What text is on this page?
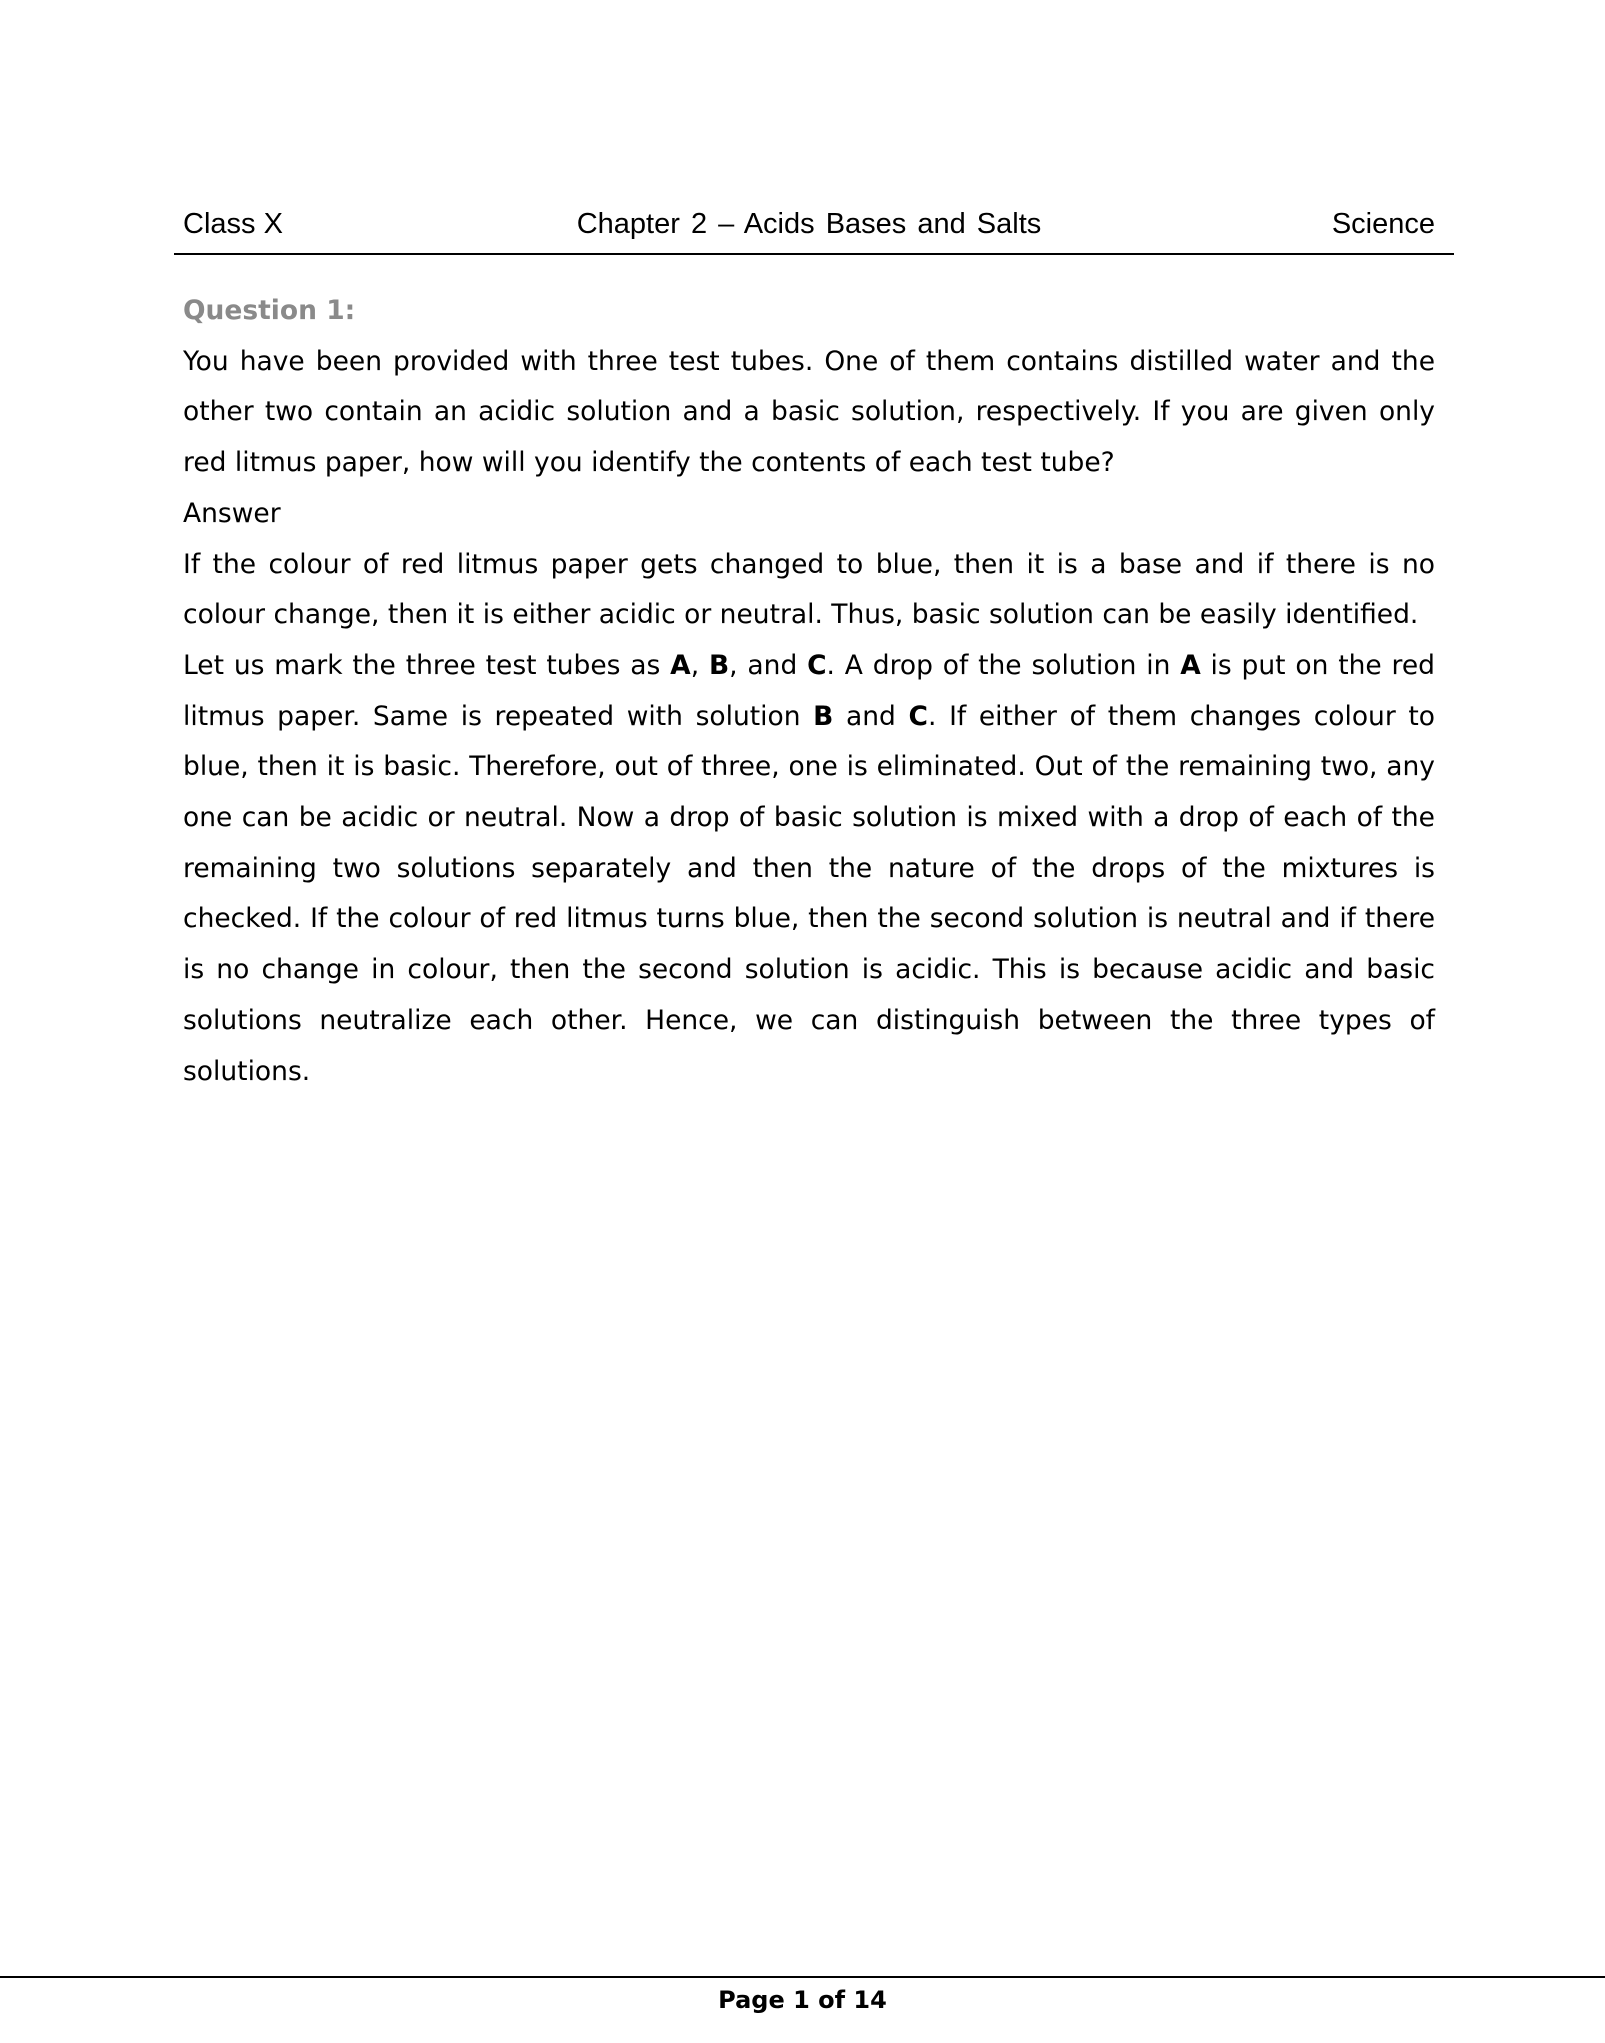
Class X	Chapter 2 – Acids Bases and Salts	Science
Question 1:

You have been provided with three test tubes. One of them contains distilled water and the other two contain an acidic solution and a basic solution, respectively. If you are given only red litmus paper, how will you identify the contents of each test tube?

Answer

If the colour of red litmus paper gets changed to blue, then it is a base and if there is no colour change, then it is either acidic or neutral. Thus, basic solution can be easily identified.

Let us mark the three test tubes as A, B, and C. A drop of the solution in A is put on the red litmus paper. Same is repeated with solution B and C. If either of them changes colour to blue, then it is basic. Therefore, out of three, one is eliminated. Out of the remaining two, any one can be acidic or neutral. Now a drop of basic solution is mixed with a drop of each of the remaining two solutions separately and then the nature of the drops of the mixtures is checked. If the colour of red litmus turns blue, then the second solution is neutral and if there is no change in colour, then the second solution is acidic. This is because acidic and basic solutions neutralize each other. Hence, we can distinguish between the three types of solutions.

Page 1 of 14
